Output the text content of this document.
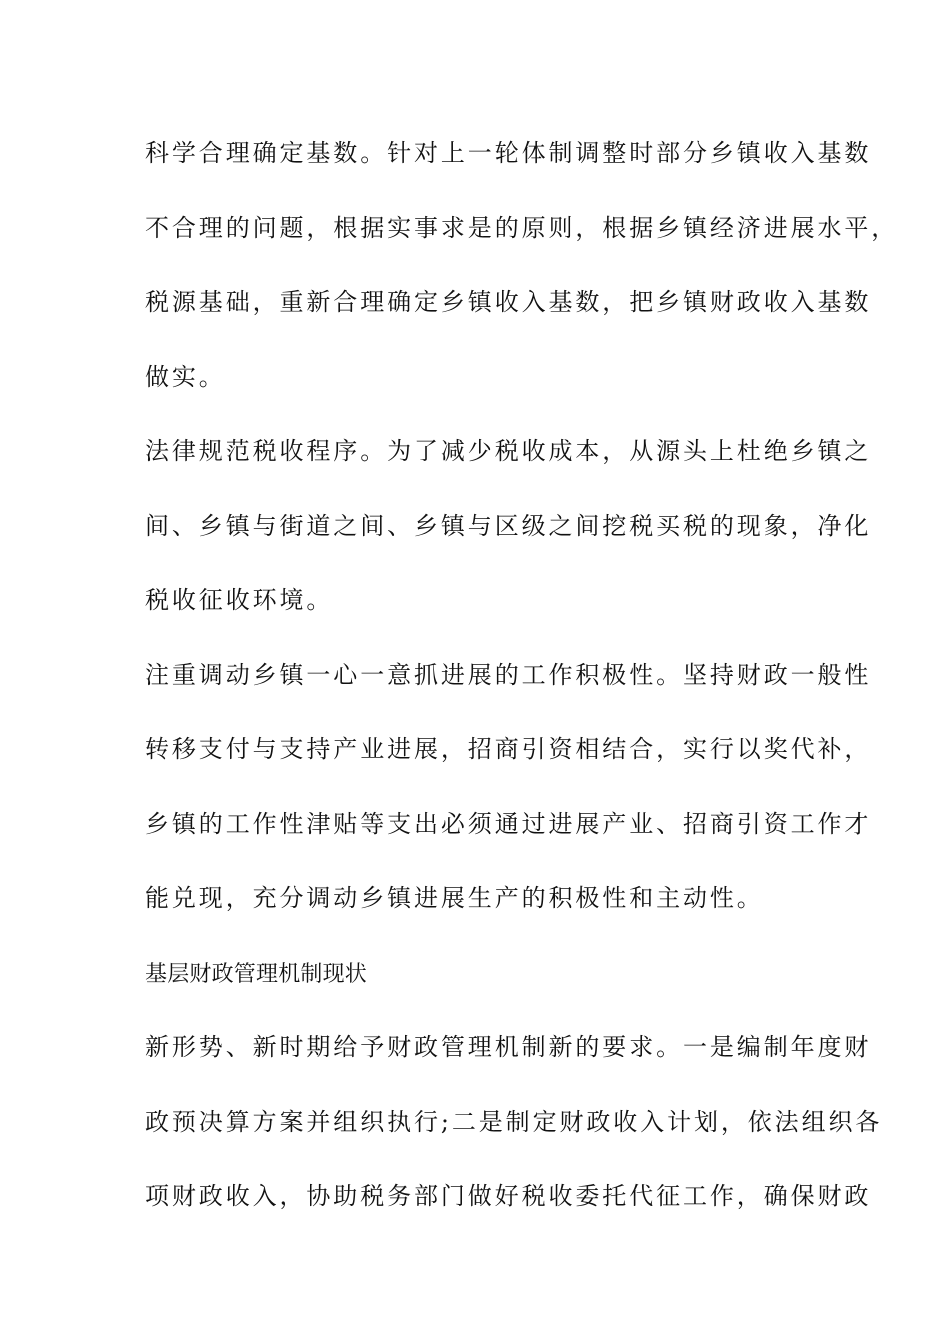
科学合理确定基数。针对上一轮体制调整时部分乡镇收入基数

不合理的问题，根据实事求是的原则，根据乡镇经济进展水平，

税源基础，重新合理确定乡镇收入基数，把乡镇财政收入基数

做实。

法律规范税收程序。为了减少税收成本，从源头上杜绝乡镇之

间、乡镇与街道之间、乡镇与区级之间挖税买税的现象，净化

税收征收环境。

注重调动乡镇一心一意抓进展的工作积极性。坚持财政一般性

转移支付与支持产业进展，招商引资相结合，实行以奖代补，

乡镇的工作性津贴等支出必须通过进展产业、招商引资工作才

能兑现，充分调动乡镇进展生产的积极性和主动性。

基层财政管理机制现状

新形势、新时期给予财政管理机制新的要求。一是编制年度财

政预决算方案并组织执行;二是制定财政收入计划，依法组织各

项财政收入，协助税务部门做好税收委托代征工作，确保财政
